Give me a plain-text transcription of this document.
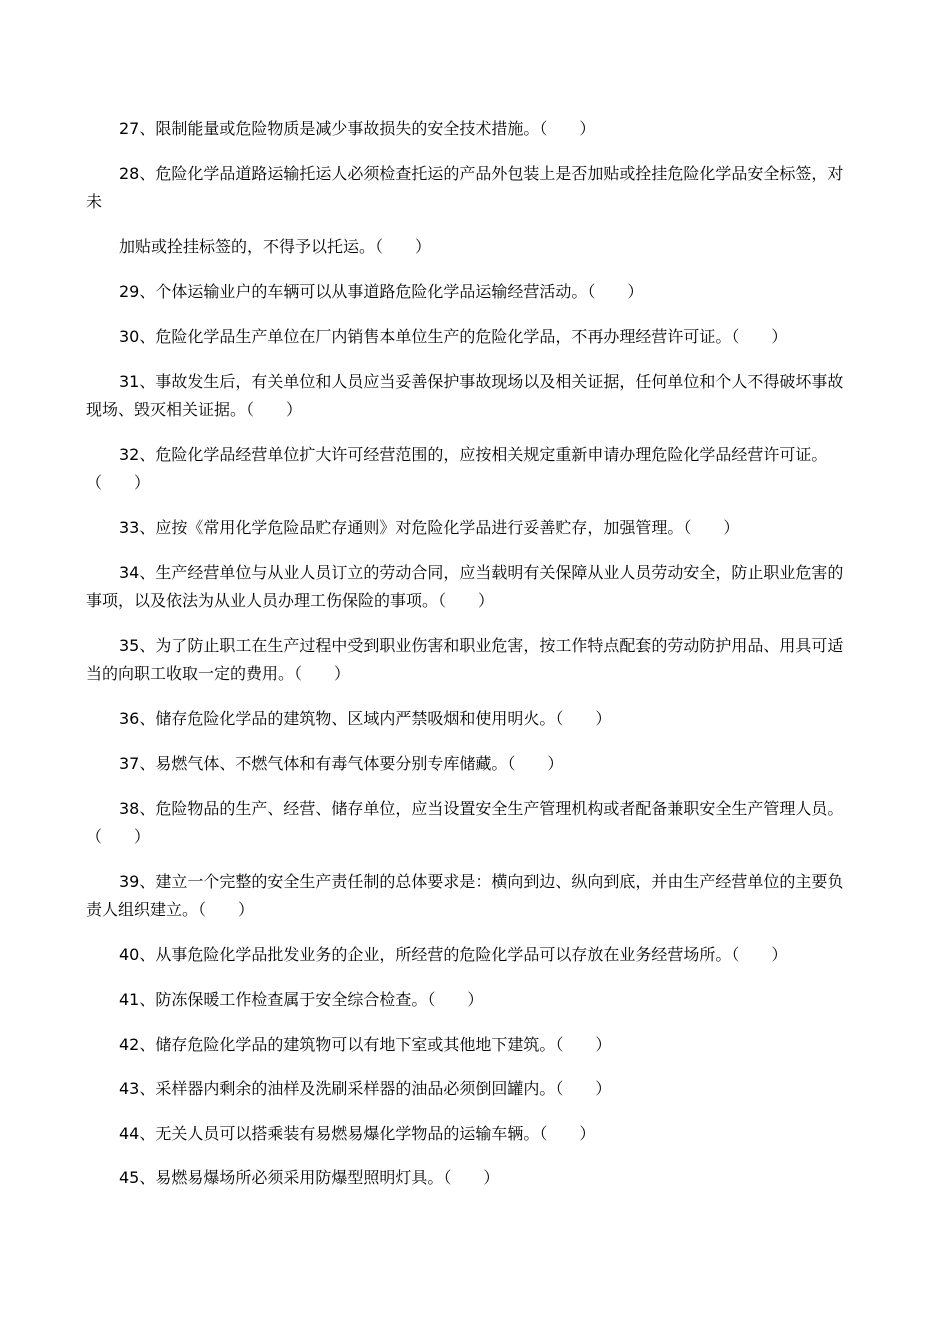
27、限制能量或危险物质是减少事故损失的安全技术措施。（　　）
28、危险化学品道路运输托运人必须检查托运的产品外包装上是否加贴或拴挂危险化学品安全标签，对
未
加贴或拴挂标签的，不得予以托运。（　　）
29、个体运输业户的车辆可以从事道路危险化学品运输经营活动。（　　）
30、危险化学品生产单位在厂内销售本单位生产的危险化学品，不再办理经营许可证。（　　）
31、事故发生后，有关单位和人员应当妥善保护事故现场以及相关证据，任何单位和个人不得破坏事故
现场、毁灭相关证据。（　　）
32、危险化学品经营单位扩大许可经营范围的，应按相关规定重新申请办理危险化学品经营许可证。
（　　）
33、应按《常用化学危险品贮存通则》对危险化学品进行妥善贮存，加强管理。（　　）
34、生产经营单位与从业人员订立的劳动合同，应当载明有关保障从业人员劳动安全，防止职业危害的
事项，以及依法为从业人员办理工伤保险的事项。（　　）
35、为了防止职工在生产过程中受到职业伤害和职业危害，按工作特点配套的劳动防护用品、用具可适
当的向职工收取一定的费用。（　　）
36、储存危险化学品的建筑物、区域内严禁吸烟和使用明火。（　　）
37、易燃气体、不燃气体和有毒气体要分别专库储藏。（　　）
38、危险物品的生产、经营、储存单位，应当设置安全生产管理机构或者配备兼职安全生产管理人员。
（　　）
39、建立一个完整的安全生产责任制的总体要求是：横向到边、纵向到底，并由生产经营单位的主要负
责人组织建立。（　　）
40、从事危险化学品批发业务的企业，所经营的危险化学品可以存放在业务经营场所。（　　）
41、防冻保暖工作检查属于安全综合检查。（　　）
42、储存危险化学品的建筑物可以有地下室或其他地下建筑。（　　）
43、采样器内剩余的油样及洗刷采样器的油品必须倒回罐内。（　　）
44、无关人员可以搭乘装有易燃易爆化学物品的运输车辆。（　　）
45、易燃易爆场所必须采用防爆型照明灯具。（　　）
